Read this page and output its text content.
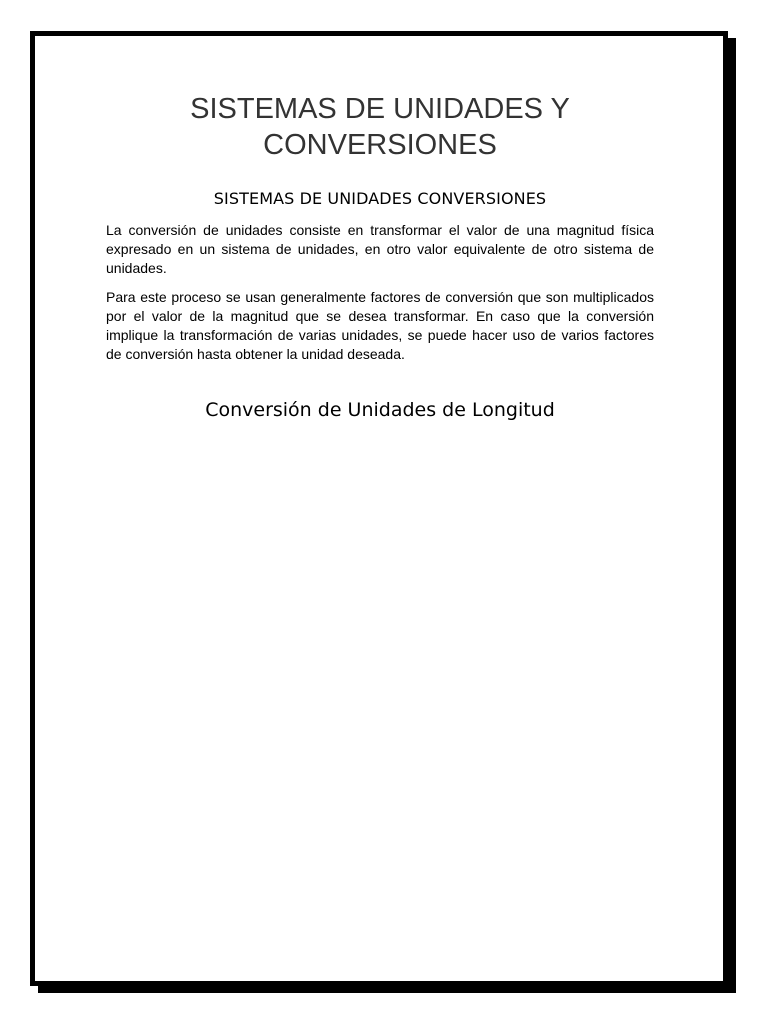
SISTEMAS DE UNIDADES Y CONVERSIONES
SISTEMAS DE UNIDADES CONVERSIONES

La conversión de unidades consiste en transformar el valor de una magnitud física expresado en un sistema de unidades, en otro valor equivalente de otro sistema de unidades.

Para este proceso se usan generalmente factores de conversión que son multiplicados por el valor de la magnitud que se desea transformar. En caso que la conversión implique la transformación de varias unidades, se puede hacer uso de varios factores de conversión hasta obtener la unidad deseada.

Conversión de Unidades de Longitud
